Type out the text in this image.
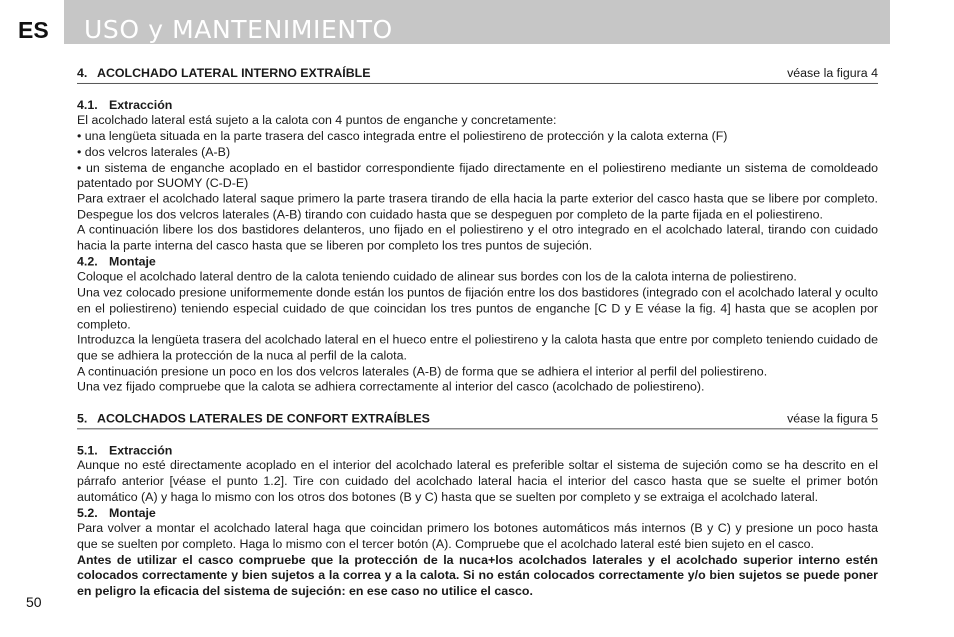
ES USO y MANTENIMIENTO
4. ACOLCHADO LATERAL INTERNO EXTRAÍBLE	véase la figura 4
4.1. Extracción

El acolchado lateral está sujeto a la calota con 4 puntos de enganche y concretamente:

• una lengüeta situada en la parte trasera del casco integrada entre el poliestireno de protección y la calota externa (F)

• dos velcros laterales (A-B)

• un sistema de enganche acoplado en el bastidor correspondiente fijado directamente en el poliestireno mediante un sistema de comoldeado patentado por SUOMY (C-D-E)

Para extraer el acolchado lateral saque primero la parte trasera tirando de ella hacia la parte exterior del casco hasta que se libere por completo. Despegue los dos velcros laterales (A-B) tirando con cuidado hasta que se despeguen por completo de la parte fijada en el poliestireno.

A continuación libere los dos bastidores delanteros, uno fijado en el poliestireno y el otro integrado en el acolchado lateral, tirando con cuidado hacia la parte interna del casco hasta que se liberen por completo los tres puntos de sujeción.

4.2. Montaje

Coloque el acolchado lateral dentro de la calota teniendo cuidado de alinear sus bordes con los de la calota interna de poliestireno.

Una vez colocado presione uniformemente donde están los puntos de fijación entre los dos bastidores (integrado con el acolchado lateral y oculto en el poliestireno) teniendo especial cuidado de que coincidan los tres puntos de enganche [C D y E véase la fig. 4] hasta que se acoplen por completo.

Introduzca la lengüeta trasera del acolchado lateral en el hueco entre el poliestireno y la calota hasta que entre por completo teniendo cuidado de que se adhiera la protección de la nuca al perfil de la calota.

A continuación presione un poco en los dos velcros laterales (A-B) de forma que se adhiera el interior al perfil del poliestireno.

Una vez fijado compruebe que la calota se adhiera correctamente al interior del casco (acolchado de poliestireno).

5. ACOLCHADOS LATERALES DE CONFORT EXTRAÍBLES	véase la figura 5
5.1. Extracción

Aunque no esté directamente acoplado en el interior del acolchado lateral es preferible soltar el sistema de sujeción como se ha descrito en el párrafo anterior [véase el punto 1.2]. Tire con cuidado del acolchado lateral hacia el interior del casco hasta que se suelte el primer botón automático (A) y haga lo mismo con los otros dos botones (B y C) hasta que se suelten por completo y se extraiga el acolchado lateral.

5.2. Montaje

Para volver a montar el acolchado lateral haga que coincidan primero los botones automáticos más internos (B y C) y presione un poco hasta que se suelten por completo. Haga lo mismo con el tercer botón (A). Compruebe que el acolchado lateral esté bien sujeto en el casco.

Antes de utilizar el casco compruebe que la protección de la nuca+los acolchados laterales y el acolchado superior interno estén colocados correctamente y bien sujetos a la correa y a la calota. Si no están colocados correctamente y/o bien sujetos se puede poner en peligro la eficacia del sistema de sujeción: en ese caso no utilice el casco.

50
